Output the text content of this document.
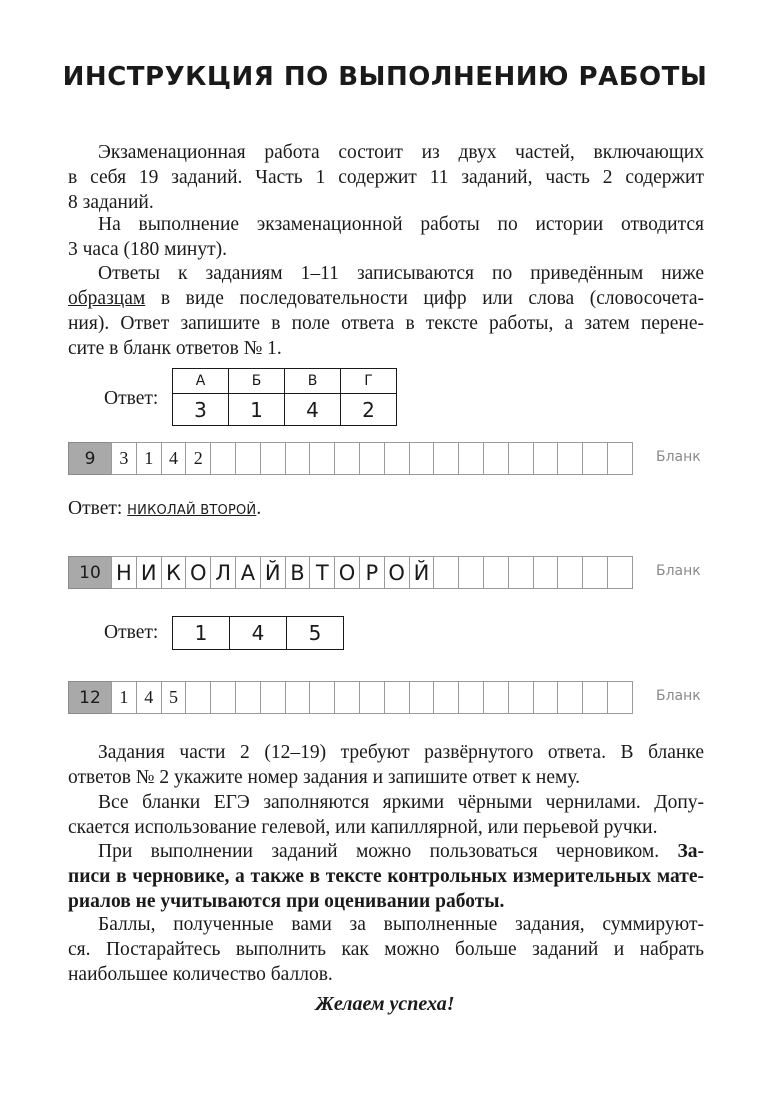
ИНСТРУКЦИЯ ПО ВЫПОЛНЕНИЮ РАБОТЫ
Экзаменационная работа состоит из двух частей, включающих
в себя 19 заданий. Часть 1 содержит 11 заданий, часть 2 содержит
8 заданий.
На выполнение экзаменационной работы по истории отводится
3 часа (180 минут).
Ответы к заданиям 1–11 записываются по приведённым ниже
образцам в виде последовательности цифр или слова (словосочета-
ния). Ответ запишите в поле ответа в тексте работы, а затем перене-
сите в бланк ответов № 1.
Ответ:
А	Б	В	Г
3	1	4	2
9	3 1 4 2	Бланк
Ответ: НИКОЛАЙ ВТОРОЙ.
10 Н И К О Л А Й В Т О Р О Й	Бланк
Ответ: 1	4	5
12	1 4 5	Бланк
Задания части 2 (12–19) требуют развёрнутого ответа. В бланке
ответов № 2 укажите номер задания и запишите ответ к нему.
Все бланки ЕГЭ заполняются яркими чёрными чернилами. Допу-
скается использование гелевой, или капиллярной, или перьевой ручки.
При выполнении заданий можно пользоваться черновиком. За-
писи в черновике, а также в тексте контрольных измерительных мате-
риалов не учитываются при оценивании работы.
Баллы, полученные вами за выполненные задания, суммируют-
ся. Постарайтесь выполнить как можно больше заданий и набрать
наибольшее количество баллов.
Желаем успеха!
